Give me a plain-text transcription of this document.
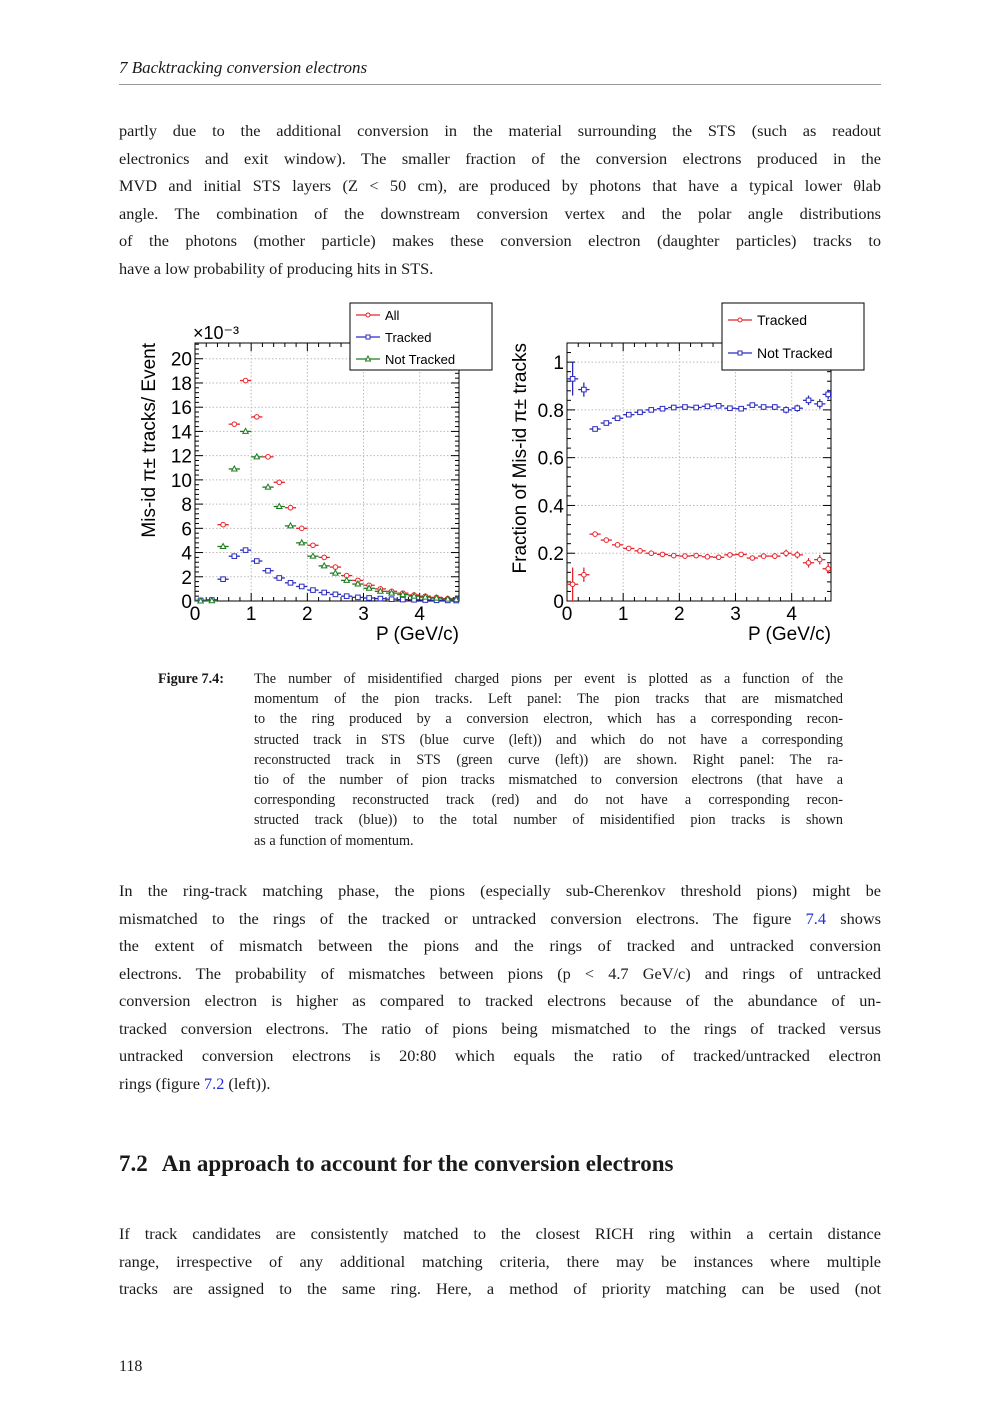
7 Backtracking conversion electrons
partly due to the additional conversion in the material surrounding the STS (such as readout
electronics and exit window). The smaller fraction of the conversion electrons produced in the
MVD and initial STS layers (Z < 50 cm), are produced by photons that have a typical lower θlab
angle. The combination of the downstream conversion vertex and the polar angle distributions
of the photons (mother particle) makes these conversion electron (daughter particles) tracks to
have a low probability of producing hits in STS.
0 1 2 3 4
0
2
4
6
8
10
12
14
16
18
20
P (GeV/c)
Mis-id π± tracks/ Event
×10⁻³
All
Tracked
Not Tracked
0 1 2 3 4
0
0.2
0.4
0.6
0.8
1
P (GeV/c)
Fraction of Mis-id π± tracks
Tracked
Not Tracked
Figure 7.4: The number of misidentified charged pions per event is plotted as a function of the
momentum of the pion tracks. Left panel: The pion tracks that are mismatched
to the ring produced by a conversion electron, which has a corresponding recon-
structed track in STS (blue curve (left)) and which do not have a corresponding
reconstructed track in STS (green curve (left)) are shown. Right panel: The ra-
tio of the number of pion tracks mismatched to conversion electrons (that have a
corresponding reconstructed track (red) and do not have a corresponding recon-
structed track (blue)) to the total number of misidentified pion tracks is shown
as a function of momentum.
In the ring-track matching phase, the pions (especially sub-Cherenkov threshold pions) might be
mismatched to the rings of the tracked or untracked conversion electrons. The figure 7.4 shows
the extent of mismatch between the pions and the rings of tracked and untracked conversion
electrons. The probability of mismatches between pions (p < 4.7 GeV/c) and rings of untracked
conversion electron is higher as compared to tracked electrons because of the abundance of un-
tracked conversion electrons. The ratio of pions being mismatched to the rings of tracked versus
untracked conversion electrons is 20:80 which equals the ratio of tracked/untracked electron
rings (figure 7.2 (left)).
7.2 An approach to account for the conversion electrons
If track candidates are consistently matched to the closest RICH ring within a certain distance
range, irrespective of any additional matching criteria, there may be instances where multiple
tracks are assigned to the same ring. Here, a method of priority matching can be used (not
118
